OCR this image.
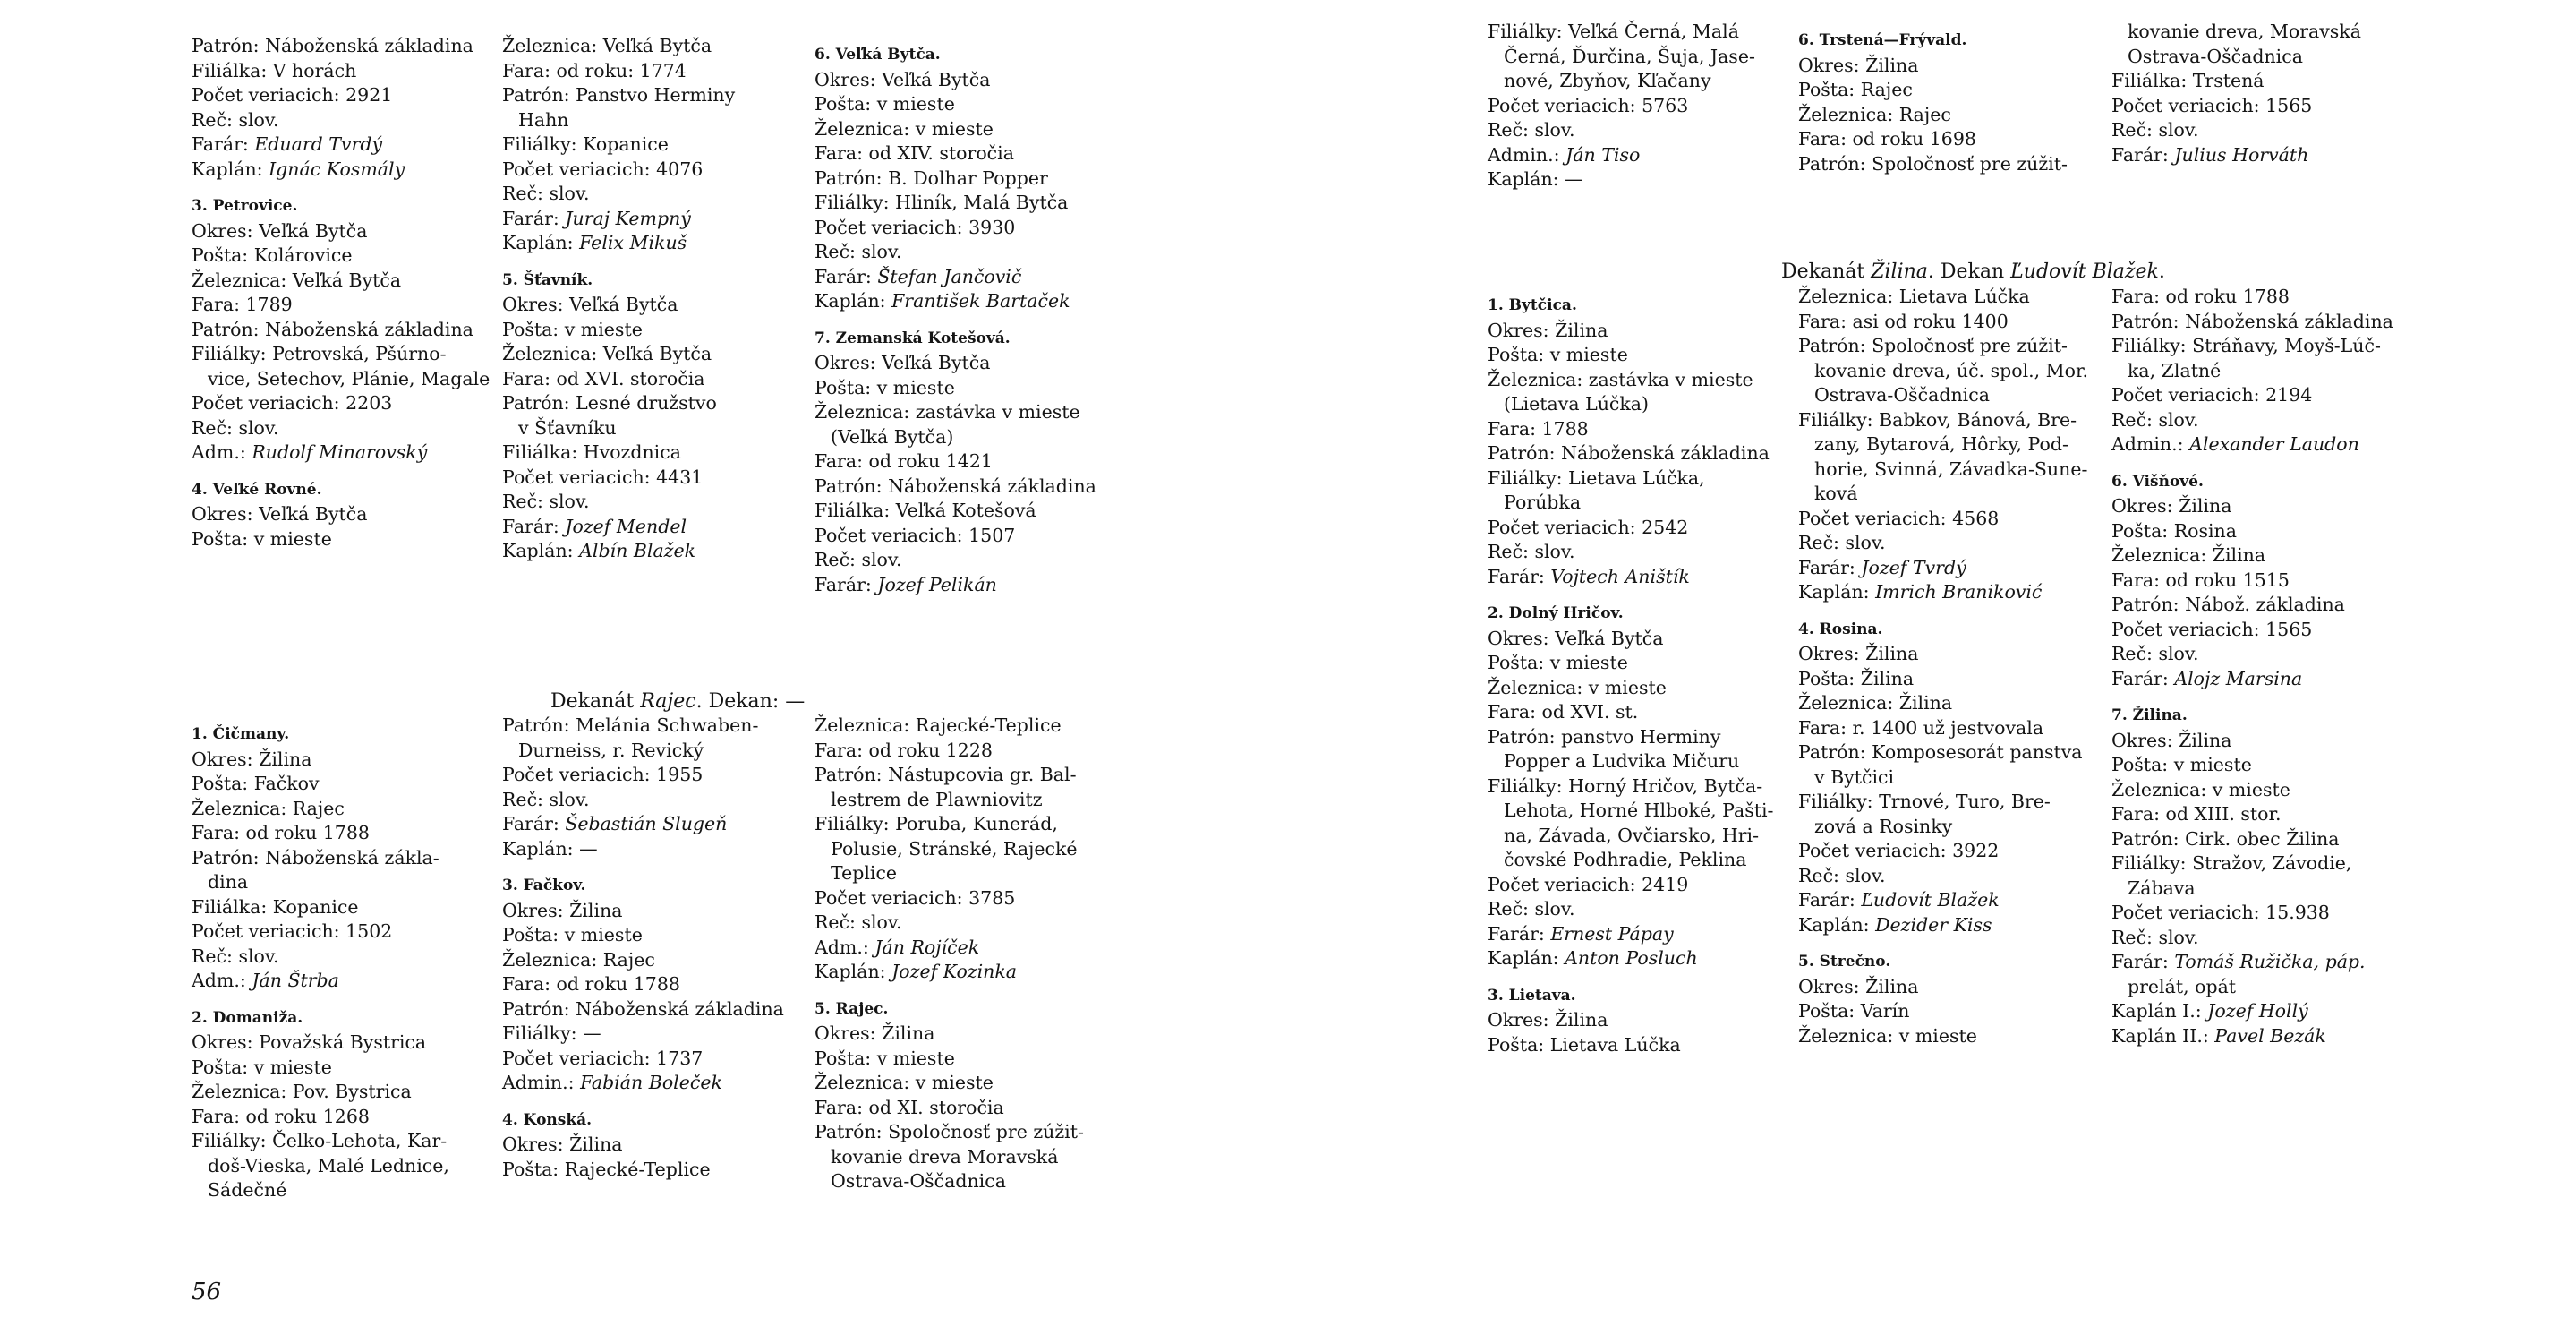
Patrón: Náboženská základina
Filiálka: V horách
Počet veriacich: 2921
Reč: slov.
Farár: Eduard Tvrdý
Kaplán: Ignác Kosmály
3. Petrovice.
Okres: Veľká Bytča
Pošta: Kolárovice
Železnica: Veľká Bytča
Fara: 1789
Patrón: Náboženská základina
Filiálky: Petrovská, Pšúrno-
vice, Setechov, Plánie, Magale
Počet veriacich: 2203
Reč: slov.
Adm.: Rudolf Minarovský
4. Veľké Rovné.
Okres: Veľká Bytča
Pošta: v mieste
Železnica: Veľká Bytča
Fara: od roku: 1774
Patrón: Panstvo Herminy
Hahn
Filiálky: Kopanice
Počet veriacich: 4076
Reč: slov.
Farár: Juraj Kempný
Kaplán: Felix Mikuš
5. Šťavník.
Okres: Veľká Bytča
Pošta: v mieste
Železnica: Veľká Bytča
Fara: od XVI. storočia
Patrón: Lesné družstvo
v Šťavníku
Filiálka: Hvozdnica
Počet veriacich: 4431
Reč: slov.
Farár: Jozef Mendel
Kaplán: Albín Blažek
6. Veľká Bytča.
Okres: Veľká Bytča
Pošta: v mieste
Železnica: v mieste
Fara: od XIV. storočia
Patrón: B. Dolhar Popper
Filiálky: Hliník, Malá Bytča
Počet veriacich: 3930
Reč: slov.
Farár: Štefan Jančovič
Kaplán: František Bartaček
7. Zemanská Kotešová.
Okres: Veľká Bytča
Pošta: v mieste
Železnica: zastávka v mieste
(Veľká Bytča)
Fara: od roku 1421
Patrón: Náboženská základina
Filiálka: Veľká Kotešová
Počet veriacich: 1507
Reč: slov.
Farár: Jozef Pelikán

Dekanát Rajec. Dekan: —

1. Čičmany.
Okres: Žilina
Pošta: Fačkov
Železnica: Rajec
Fara: od roku 1788
Patrón: Náboženská zákla-
dina
Filiálka: Kopanice
Počet veriacich: 1502
Reč: slov.
Adm.: Ján Štrba
2. Domaniža.
Okres: Považská Bystrica
Pošta: v mieste
Železnica: Pov. Bystrica
Fara: od roku 1268
Filiálky: Čelko-Lehota, Kar-
doš-Vieska, Malé Lednice,
Sádečné
Patrón: Melánia Schwaben-
Durneiss, r. Revický
Počet veriacich: 1955
Reč: slov.
Farár: Šebastián Slugeň
Kaplán: —
3. Fačkov.
Okres: Žilina
Pošta: v mieste
Železnica: Rajec
Fara: od roku 1788
Patrón: Náboženská základina
Filiálky: —
Počet veriacich: 1737
Admin.: Fabián Boleček
4. Konská.
Okres: Žilina
Pošta: Rajecké-Teplice
Železnica: Rajecké-Teplice
Fara: od roku 1228
Patrón: Nástupcovia gr. Bal-
lestrem de Plawniovitz
Filiálky: Poruba, Kunerád,
Polusie, Stránské, Rajecké
Teplice
Počet veriacich: 3785
Reč: slov.
Adm.: Ján Rojíček
Kaplán: Jozef Kozinka
5. Rajec.
Okres: Žilina
Pošta: v mieste
Železnica: v mieste
Fara: od XI. storočia
Patrón: Spoločnosť pre zúžit-
kovanie dreva Moravská
Ostrava-Oščadnica
56
Filiálky: Veľká Černá, Malá
Černá, Ďurčina, Šuja, Jase-
nové, Zbyňov, Kľačany
Počet veriacich: 5763
Reč: slov.
Admin.: Ján Tiso
Kaplán: —
6. Trstená—Frývald.
Okres: Žilina
Pošta: Rajec
Železnica: Rajec
Fara: od roku 1698
Patrón: Spoločnosť pre zúžit-
kovanie dreva, Moravská
Ostrava-Oščadnica
Filiálka: Trstená
Počet veriacich: 1565
Reč: slov.
Farár: Julius Horváth

Dekanát Žilina. Dekan Ľudovít Blažek.

1. Bytčica.
Okres: Žilina
Pošta: v mieste
Železnica: zastávka v mieste
(Lietava Lúčka)
Fara: 1788
Patrón: Náboženská základina
Filiálky: Lietava Lúčka,
Porúbka
Počet veriacich: 2542
Reč: slov.
Farár: Vojtech Aništík
2. Dolný Hričov.
Okres: Veľká Bytča
Pošta: v mieste
Železnica: v mieste
Fara: od XVI. st.
Patrón: panstvo Herminy
Popper a Ludvika Mičuru
Filiálky: Horný Hričov, Bytča-
Lehota, Horné Hlboké, Pašti-
na, Závada, Ovčiarsko, Hri-
čovské Podhradie, Peklina
Počet veriacich: 2419
Reč: slov.
Farár: Ernest Pápay
Kaplán: Anton Posluch
3. Lietava.
Okres: Žilina
Pošta: Lietava Lúčka
Železnica: Lietava Lúčka
Fara: asi od roku 1400
Patrón: Spoločnosť pre zúžit-
kovanie dreva, úč. spol., Mor.
Ostrava-Oščadnica
Filiálky: Babkov, Bánová, Bre-
zany, Bytarová, Hôrky, Pod-
horie, Svinná, Závadka-Sune-
ková
Počet veriacich: 4568
Reč: slov.
Farár: Jozef Tvrdý
Kaplán: Imrich Braniković
4. Rosina.
Okres: Žilina
Pošta: Žilina
Železnica: Žilina
Fara: r. 1400 už jestvovala
Patrón: Komposesorát panstva
v Bytčici
Filiálky: Trnové, Turo, Bre-
zová a Rosinky
Počet veriacich: 3922
Reč: slov.
Farár: Ľudovít Blažek
Kaplán: Dezider Kiss
5. Strečno.
Okres: Žilina
Pošta: Varín
Železnica: v mieste
Fara: od roku 1788
Patrón: Náboženská základina
Filiálky: Stráňavy, Moyš-Lúč-
ka, Zlatné
Počet veriacich: 2194
Reč: slov.
Admin.: Alexander Laudon
6. Višňové.
Okres: Žilina
Pošta: Rosina
Železnica: Žilina
Fara: od roku 1515
Patrón: Nábož. základina
Počet veriacich: 1565
Reč: slov.
Farár: Alojz Marsina
7. Žilina.
Okres: Žilina
Pošta: v mieste
Železnica: v mieste
Fara: od XIII. stor.
Patrón: Cirk. obec Žilina
Filiálky: Stražov, Závodie,
Zábava
Počet veriacich: 15.938
Reč: slov.
Farár: Tomáš Ružička, páp.
prelát, opát
Kaplán I.: Jozef Hollý
Kaplán II.: Pavel Bezák
